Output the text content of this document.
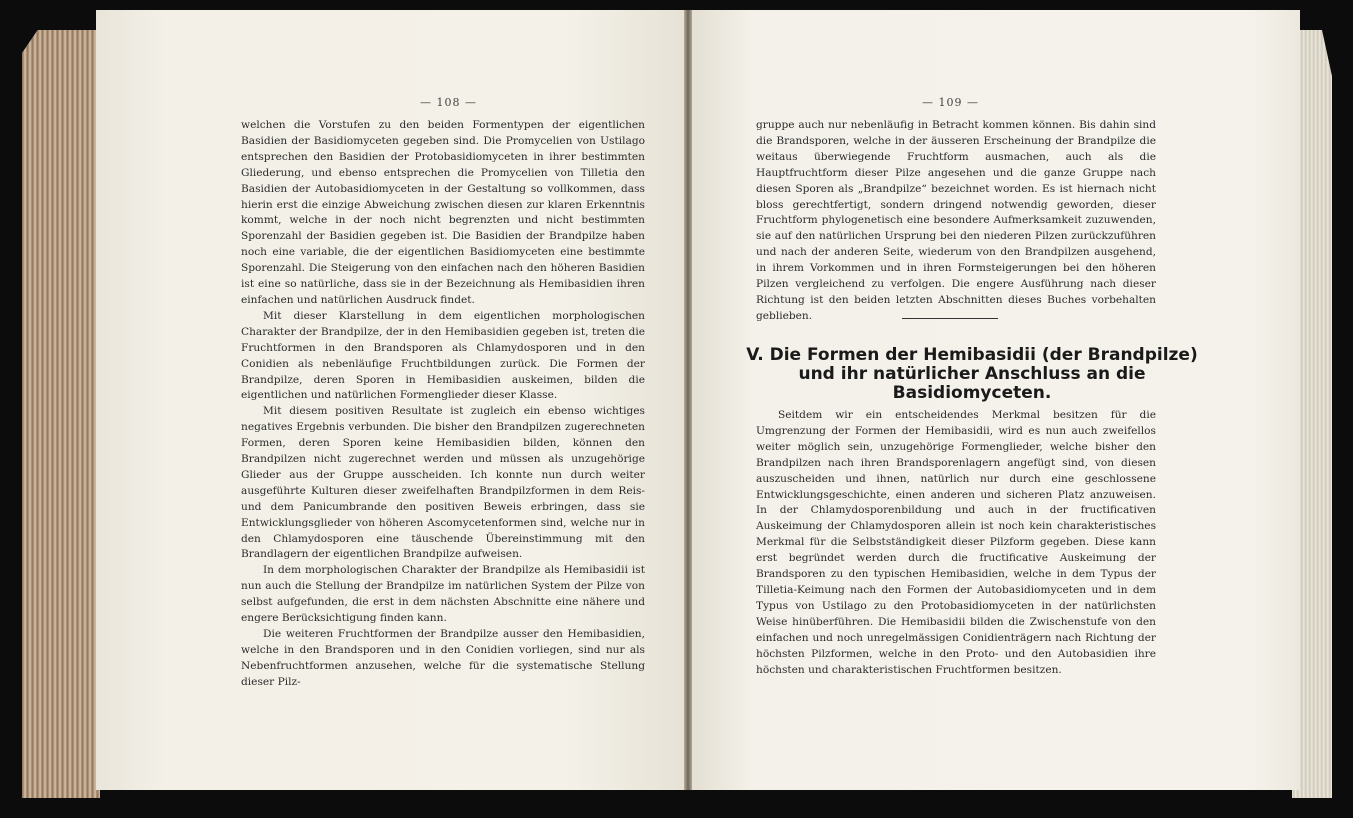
— 108 —

welchen die Vorstufen zu den beiden Formentypen der eigentlichen Basidien der Basidiomyceten gegeben sind. Die Promycelien von Ustilago entsprechen den Basidien der Protobasidiomyceten in ihrer bestimmten Gliederung, und ebenso entsprechen die Promycelien von Tilletia den Basidien der Autobasidiomyceten in der Gestaltung so vollkommen, dass hierin erst die einzige Abweichung zwischen diesen zur klaren Erkenntnis kommt, welche in der noch nicht begrenzten und nicht bestimmten Sporenzahl der Basidien gegeben ist. Die Basidien der Brandpilze haben noch eine variable, die der eigentlichen Basidiomyceten eine bestimmte Sporenzahl. Die Steigerung von den einfachen nach den höheren Basidien ist eine so natürliche, dass sie in der Bezeichnung als Hemibasidien ihren einfachen und natürlichen Ausdruck findet.

Mit dieser Klarstellung in dem eigentlichen morphologischen Charakter der Brandpilze, der in den Hemibasidien gegeben ist, treten die Fruchtformen in den Brandsporen als Chlamydosporen und in den Conidien als nebenläufige Fruchtbildungen zurück. Die Formen der Brandpilze, deren Sporen in Hemibasidien auskeimen, bilden die eigentlichen und natürlichen Formenglieder dieser Klasse.

Mit diesem positiven Resultate ist zugleich ein ebenso wichtiges negatives Ergebnis verbunden. Die bisher den Brandpilzen zugerechneten Formen, deren Sporen keine Hemibasidien bilden, können den Brandpilzen nicht zugerechnet werden und müssen als unzugehörige Glieder aus der Gruppe ausscheiden. Ich konnte nun durch weiter ausgeführte Kulturen dieser zweifelhaften Brandpilzformen in dem Reis- und dem Panicumbrande den positiven Beweis erbringen, dass sie Entwicklungsglieder von höheren Ascomycetenformen sind, welche nur in den Chlamydosporen eine täuschende Übereinstimmung mit den Brandlagern der eigentlichen Brandpilze aufweisen.

In dem morphologischen Charakter der Brandpilze als Hemibasidii ist nun auch die Stellung der Brandpilze im natürlichen System der Pilze von selbst aufgefunden, die erst in dem nächsten Abschnitte eine nähere und engere Berücksichtigung finden kann.

Die weiteren Fruchtformen der Brandpilze ausser den Hemibasidien, welche in den Brandsporen und in den Conidien vorliegen, sind nur als Nebenfruchtformen anzusehen, welche für die systematische Stellung dieser Pilz-

— 109 —
gruppe auch nur nebenläufig in Betracht kommen können. Bis dahin sind die Brandsporen, welche in der äusseren Erscheinung der Brandpilze die weitaus überwiegende Fruchtform ausmachen, auch als die Hauptfruchtform dieser Pilze angesehen und die ganze Gruppe nach diesen Sporen als „Brandpilze“ bezeichnet worden. Es ist hiernach nicht bloss gerechtfertigt, sondern dringend notwendig geworden, dieser Fruchtform phylogenetisch eine besondere Aufmerksamkeit zuzuwenden, sie auf den natürlichen Ursprung bei den niederen Pilzen zurückzuführen und nach der anderen Seite, wiederum von den Brandpilzen ausgehend, in ihrem Vorkommen und in ihren Formsteigerungen bei den höheren Pilzen vergleichend zu verfolgen. Die engere Ausführung nach dieser Richtung ist den beiden letzten Abschnitten dieses Buches vorbehalten geblieben.
V. Die Formen der Hemibasidii (der Brandpilze)
und ihr natürlicher Anschluss an die
Basidiomyceten.
Seitdem wir ein entscheidendes Merkmal besitzen für die Umgrenzung der Formen der Hemibasidii, wird es nun auch zweifellos weiter möglich sein, unzugehörige Formenglieder, welche bisher den Brandpilzen nach ihren Brandsporenlagern angefügt sind, von diesen auszuscheiden und ihnen, natürlich nur durch eine geschlossene Entwicklungsgeschichte, einen anderen und sicheren Platz anzuweisen. In der Chlamydosporenbildung und auch in der fructificativen Auskeimung der Chlamydosporen allein ist noch kein charakteristisches Merkmal für die Selbstständigkeit dieser Pilzform gegeben. Diese kann erst begründet werden durch die fructificative Auskeimung der Brandsporen zu den typischen Hemibasidien, welche in dem Typus der Tilletia-Keimung nach den Formen der Autobasidiomyceten und in dem Typus von Ustilago zu den Protobasidiomyceten in der natürlichsten Weise hinüberführen. Die Hemibasidii bilden die Zwischenstufe von den einfachen und noch unregelmässigen Conidienträgern nach Richtung der höchsten Pilzformen, welche in den Proto- und den Autobasidien ihre höchsten und charakteristischen Fruchtformen besitzen.
